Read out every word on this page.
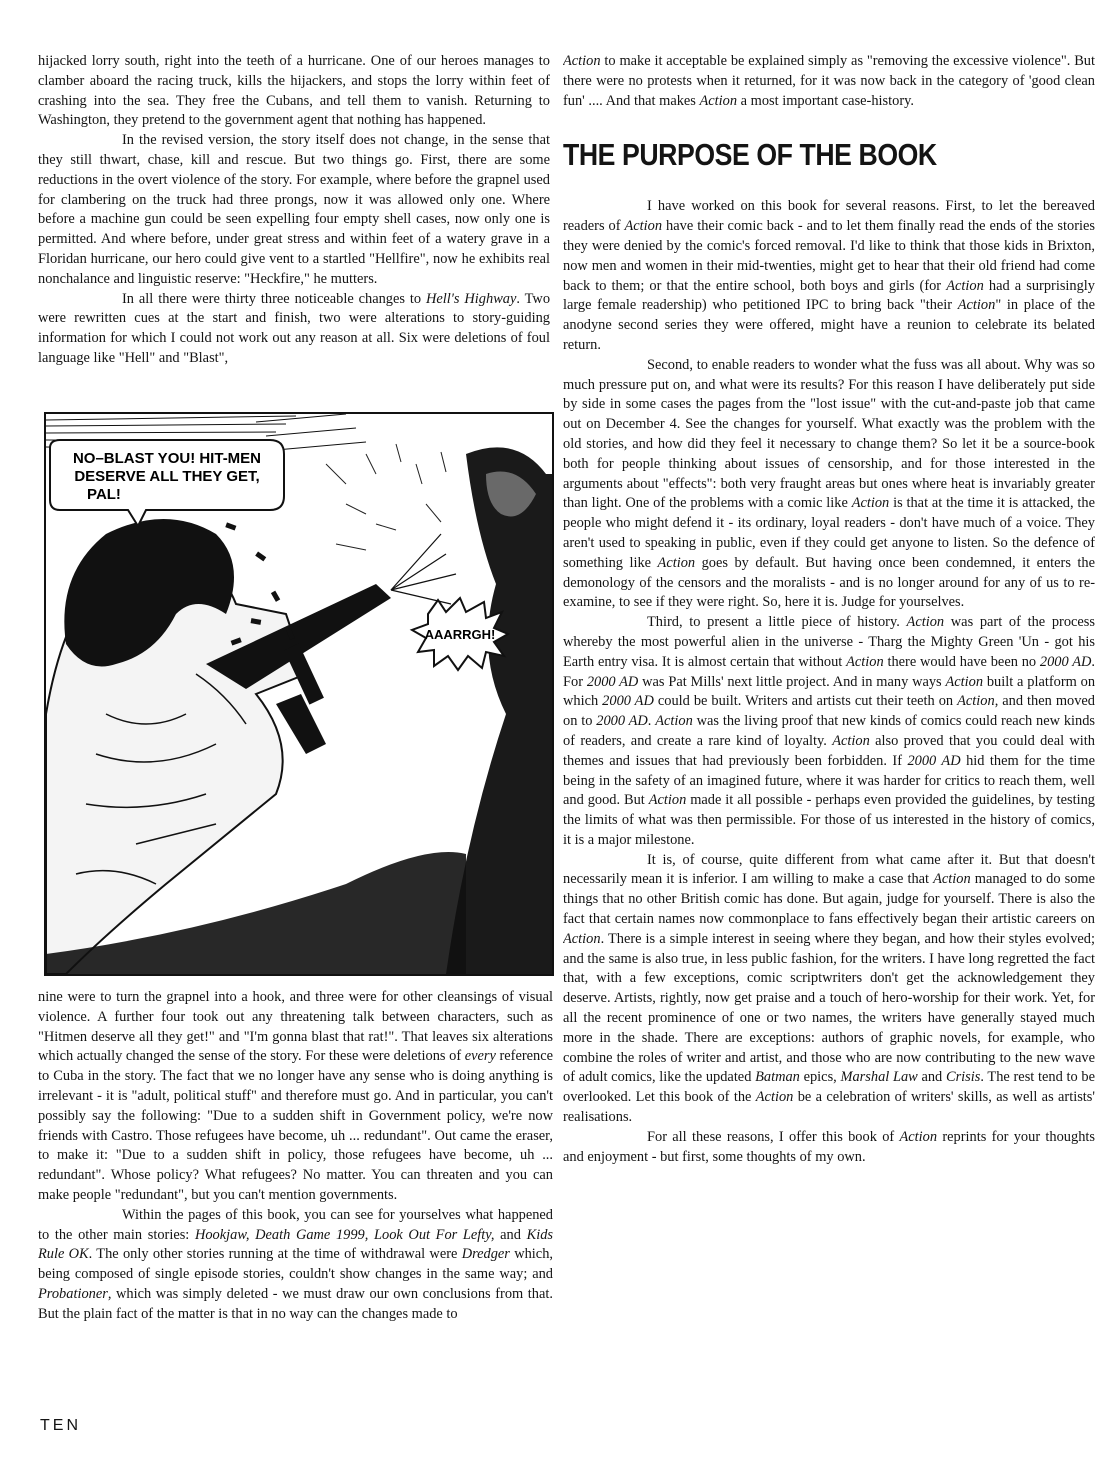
hijacked lorry south, right into the teeth of a hurricane. One of our heroes manages to clamber aboard the racing truck, kills the hijackers, and stops the lorry within feet of crashing into the sea. They free the Cubans, and tell them to vanish. Returning to Washington, they pretend to the government agent that nothing has happened.

In the revised version, the story itself does not change, in the sense that they still thwart, chase, kill and rescue. But two things go. First, there are some reductions in the overt violence of the story. For example, where before the grapnel used for clambering on the truck had three prongs, now it was allowed only one. Where before a machine gun could be seen expelling four empty shell cases, now only one is permitted. And where before, under great stress and within feet of a watery grave in a Floridan hurricane, our hero could give vent to a startled "Hellfire", now he exhibits real nonchalance and linguistic reserve: "Heckfire," he mutters.

In all there were thirty three noticeable changes to Hell's Highway. Two were rewritten cues at the start and finish, two were alterations to story-guiding information for which I could not work out any reason at all. Six were deletions of foul language like "Hell" and "Blast",

NO–BLAST YOU! HIT-MEN
DESERVE ALL THEY GET,
PAL!
AAARRGH!

nine were to turn the grapnel into a hook, and three were for other cleansings of visual violence. A further four took out any threatening talk between characters, such as "Hitmen deserve all they get!" and "I'm gonna blast that rat!". That leaves six alterations which actually changed the sense of the story. For these were deletions of every reference to Cuba in the story. The fact that we no longer have any sense who is doing anything is irrelevant - it is "adult, political stuff" and therefore must go. And in particular, you can't possibly say the following: "Due to a sudden shift in Government policy, we're now friends with Castro. Those refugees have become, uh ... redundant". Out came the eraser, to make it: "Due to a sudden shift in policy, those refugees have become, uh ... redundant". Whose policy? What refugees? No matter. You can threaten and you can make people "redundant", but you can't mention governments.

Within the pages of this book, you can see for yourselves what happened to the other main stories: Hookjaw, Death Game 1999, Look Out For Lefty, and Kids Rule OK. The only other stories running at the time of withdrawal were Dredger which, being composed of single episode stories, couldn't show changes in the same way; and Probationer, which was simply deleted - we must draw our own conclusions from that. But the plain fact of the matter is that in no way can the changes made to

Action to make it acceptable be explained simply as "removing the excessive violence". But there were no protests when it returned, for it was now back in the category of 'good clean fun' .... And that makes Action a most important case-history.

THE PURPOSE OF THE BOOK

I have worked on this book for several reasons. First, to let the bereaved readers of Action have their comic back - and to let them finally read the ends of the stories they were denied by the comic's forced removal. I'd like to think that those kids in Brixton, now men and women in their mid-twenties, might get to hear that their old friend had come back to them; or that the entire school, both boys and girls (for Action had a surprisingly large female readership) who petitioned IPC to bring back "their Action" in place of the anodyne second series they were offered, might have a reunion to celebrate its belated return.

Second, to enable readers to wonder what the fuss was all about. Why was so much pressure put on, and what were its results? For this reason I have deliberately put side by side in some cases the pages from the "lost issue" with the cut-and-paste job that came out on December 4. See the changes for yourself. What exactly was the problem with the old stories, and how did they feel it necessary to change them? So let it be a source-book both for people thinking about issues of censorship, and for those interested in the arguments about "effects": both very fraught areas but ones where heat is invariably greater than light. One of the problems with a comic like Action is that at the time it is attacked, the people who might defend it - its ordinary, loyal readers - don't have much of a voice. They aren't used to speaking in public, even if they could get anyone to listen. So the defence of something like Action goes by default. But having once been condemned, it enters the demonology of the censors and the moralists - and is no longer around for any of us to re-examine, to see if they were right. So, here it is. Judge for yourselves.

Third, to present a little piece of history. Action was part of the process whereby the most powerful alien in the universe - Tharg the Mighty Green 'Un - got his Earth entry visa. It is almost certain that without Action there would have been no 2000 AD. For 2000 AD was Pat Mills' next little project. And in many ways Action built a platform on which 2000 AD could be built. Writers and artists cut their teeth on Action, and then moved on to 2000 AD. Action was the living proof that new kinds of comics could reach new kinds of readers, and create a rare kind of loyalty. Action also proved that you could deal with themes and issues that had previously been forbidden. If 2000 AD hid them for the time being in the safety of an imagined future, where it was harder for critics to reach them, well and good. But Action made it all possible - perhaps even provided the guidelines, by testing the limits of what was then permissible. For those of us interested in the history of comics, it is a major milestone.

It is, of course, quite different from what came after it. But that doesn't necessarily mean it is inferior. I am willing to make a case that Action managed to do some things that no other British comic has done. But again, judge for yourself. There is also the fact that certain names now commonplace to fans effectively began their artistic careers on Action. There is a simple interest in seeing where they began, and how their styles evolved; and the same is also true, in less public fashion, for the writers. I have long regretted the fact that, with a few exceptions, comic scriptwriters don't get the acknowledgement they deserve. Artists, rightly, now get praise and a touch of hero-worship for their work. Yet, for all the recent prominence of one or two names, the writers have generally stayed much more in the shade. There are exceptions: authors of graphic novels, for example, who combine the roles of writer and artist, and those who are now contributing to the new wave of adult comics, like the updated Batman epics, Marshal Law and Crisis. The rest tend to be overlooked. Let this book of the Action be a celebration of writers' skills, as well as artists' realisations.

For all these reasons, I offer this book of Action reprints for your thoughts and enjoyment - but first, some thoughts of my own.

TEN
